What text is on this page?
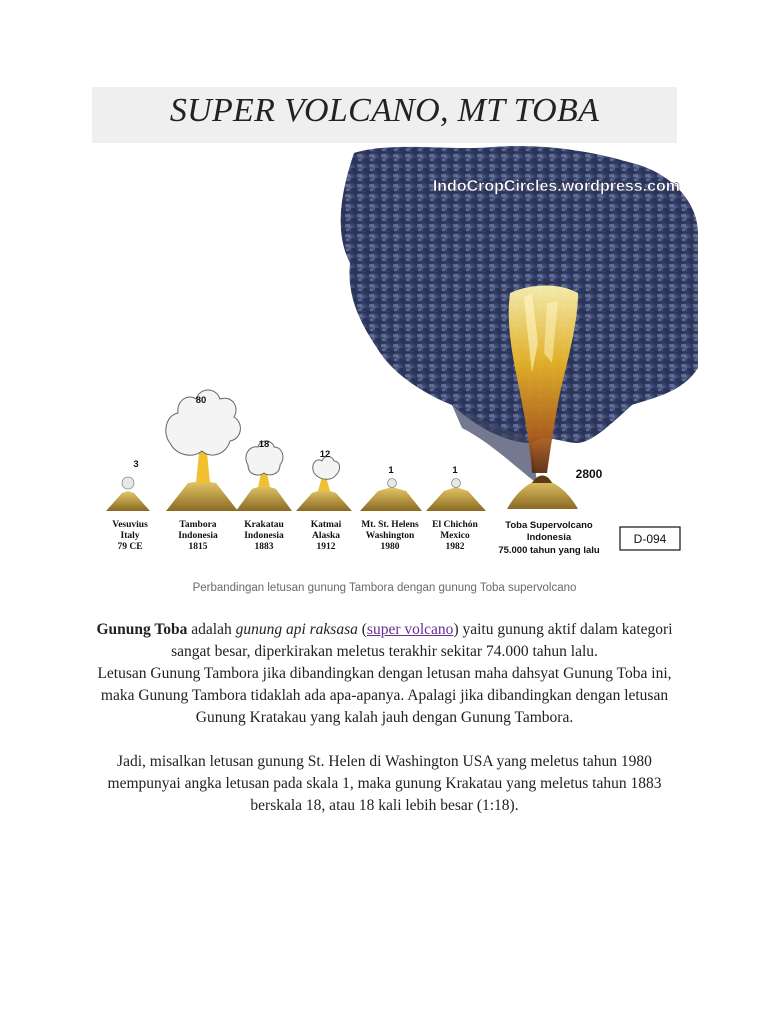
SUPER VOLCANO, MT TOBA
IndoCropCircles.wordpress.com
3
80
18
12
1	1	2800
Vesuvius
Italy
79 CE
Tambora
Indonesia
1815
Krakatau
Indonesia
1883
Katmai
Alaska
1912
Mt. St. Helens
Washington
1980
El Chichón
Mexico
1982
Toba Supervolcano
Indonesia
75.000 tahun yang lalu
D-094
Perbandingan letusan gunung Tambora dengan gunung Toba supervolcano

Gunung Toba adalah gunung api raksasa (super volcano) yaitu gunung aktif dalam kategori sangat besar, diperkirakan meletus terakhir sekitar 74.000 tahun lalu.

Letusan Gunung Tambora jika dibandingkan dengan letusan maha dahsyat Gunung Toba ini, maka Gunung Tambora tidaklah ada apa-apanya. Apalagi jika dibandingkan dengan letusan Gunung Kratakau yang kalah jauh dengan Gunung Tambora.

Jadi, misalkan letusan gunung St. Helen di Washington USA yang meletus tahun 1980 mempunyai angka letusan pada skala 1, maka gunung Krakatau yang meletus tahun 1883 berskala 18, atau 18 kali lebih besar (1:18).
